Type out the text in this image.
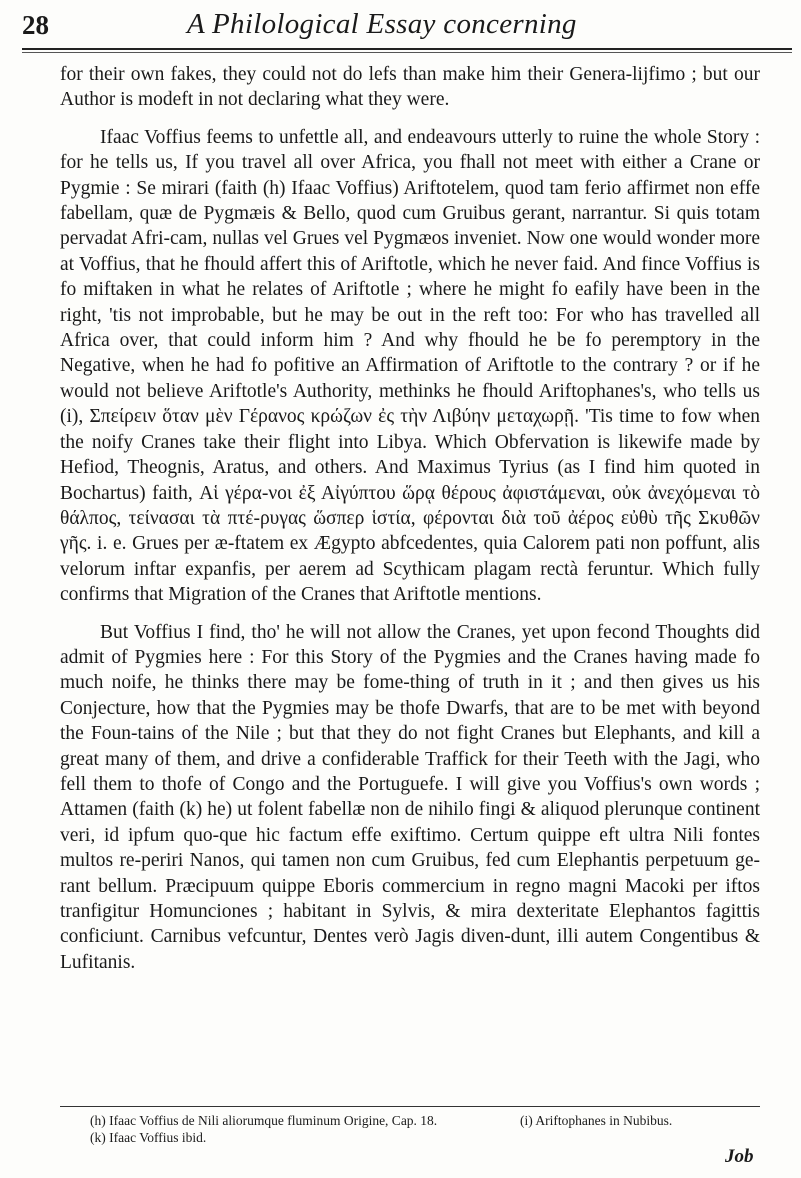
28	A Philological Essay concerning

for their own fakes, they could not do lefs than make him their Genera-lijfimo ; but our Author is modeft in not declaring what they were.

Ifaac Voffius feems to unfettle all, and endeavours utterly to ruine the whole Story : for he tells us, If you travel all over Africa, you fhall not meet with either a Crane or Pygmie : Se mirari (faith (h) Ifaac Voffius) Ariftotelem, quod tam ferio affirmet non effe fabellam, quæ de Pygmæis & Bello, quod cum Gruibus gerant, narrantur. Si quis totam pervadat Afri-cam, nullas vel Grues vel Pygmæos inveniet. Now one would wonder more at Voffius, that he fhould affert this of Ariftotle, which he never faid. And fince Voffius is fo miftaken in what he relates of Ariftotle ; where he might fo eafily have been in the right, 'tis not improbable, but he may be out in the reft too: For who has travelled all Africa over, that could inform him ? And why fhould he be fo peremptory in the Negative, when he had fo pofitive an Affirmation of Ariftotle to the contrary ? or if he would not believe Ariftotle's Authority, methinks he fhould Ariftophanes's, who tells us (i), Σπείρειν ὅταν μὲν Γέρανος κρώζων ἐς τὴν Λιβύην μεταχωρῇ. 'Tis time to fow when the noify Cranes take their flight into Libya. Which Obfervation is likewife made by Hefiod, Theognis, Aratus, and others. And Maximus Tyrius (as I find him quoted in Bochartus) faith, Αἱ γέρα-νοι ἐξ Αἰγύπτου ὥρᾳ θέρους ἀφιστάμεναι, οὐκ ἀνεχόμεναι τὸ θάλπος, τείνασαι τὰ πτέ-ρυγας ὥσπερ ἱστία, φέρονται διὰ τοῦ ἀέρος εὐθὺ τῆς Σκυθῶν γῆς. i. e. Grues per æ-ftatem ex Ægypto abfcedentes, quia Calorem pati non poffunt, alis velorum inftar expanfis, per aerem ad Scythicam plagam rectà feruntur. Which fully confirms that Migration of the Cranes that Ariftotle mentions.

But Voffius I find, tho' he will not allow the Cranes, yet upon fecond Thoughts did admit of Pygmies here : For this Story of the Pygmies and the Cranes having made fo much noife, he thinks there may be fome-thing of truth in it ; and then gives us his Conjecture, how that the Pygmies may be thofe Dwarfs, that are to be met with beyond the Foun-tains of the Nile ; but that they do not fight Cranes but Elephants, and kill a great many of them, and drive a confiderable Traffick for their Teeth with the Jagi, who fell them to thofe of Congo and the Portuguefe. I will give you Voffius's own words ; Attamen (faith (k) he) ut folent fabellæ non de nihilo fingi & aliquod plerunque continent veri, id ipfum quo-que hic factum effe exiftimo. Certum quippe eft ultra Nili fontes multos re-periri Nanos, qui tamen non cum Gruibus, fed cum Elephantis perpetuum ge-rant bellum. Præcipuum quippe Eboris commercium in regno magni Macoki per iftos tranfigitur Homunciones ; habitant in Sylvis, & mira dexteritate Elephantos fagittis conficiunt. Carnibus vefcuntur, Dentes verò Jagis diven-dunt, illi autem Congentibus & Lufitanis.

(h) Ifaac Voffius de Nili aliorumque fluminum Origine, Cap. 18.	(i) Ariftophanes in Nubibus.
(k) Ifaac Voffius ibid.
Job
